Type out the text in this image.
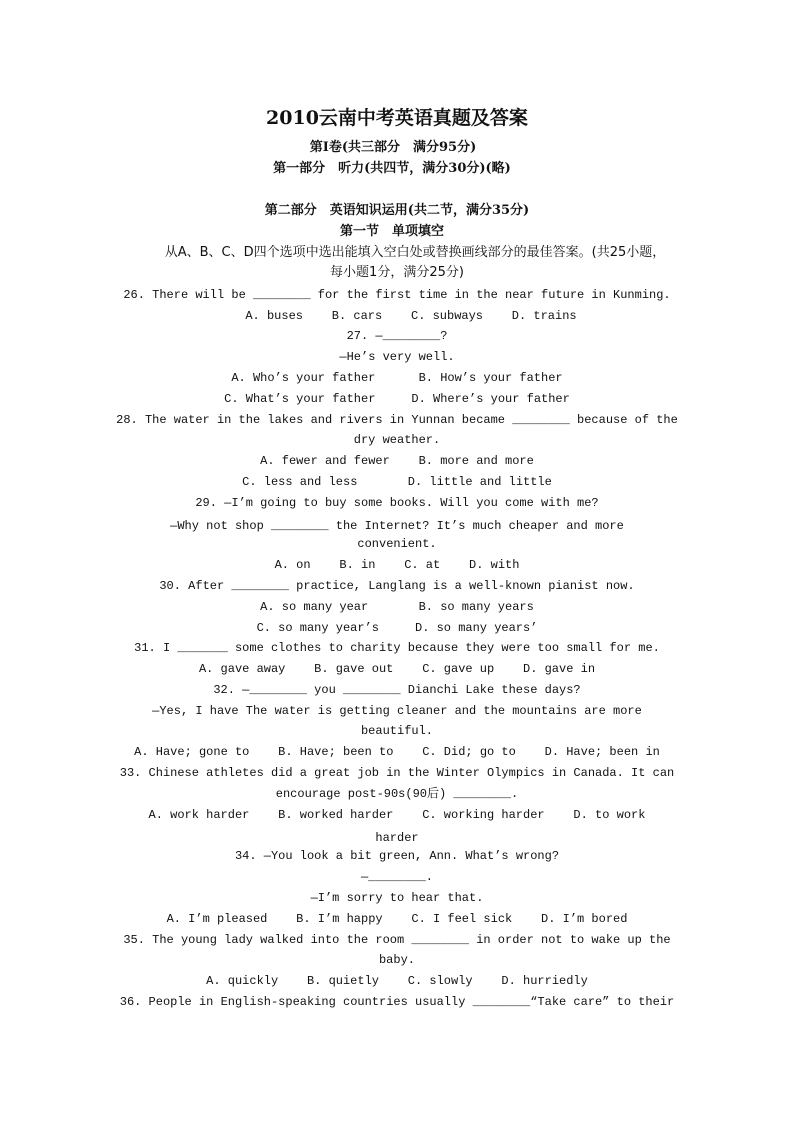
2010云南中考英语真题及答案
第Ⅰ卷(共三部分　满分95分)
第一部分　听力(共四节，满分30分)(略)
第二部分　英语知识运用(共二节，满分35分)
第一节　单项填空
从A、B、C、D四个选项中选出能填入空白处或替换画线部分的最佳答案。(共25小题，
每小题1分，满分25分)
26. There will be ________ for the first time in the near future in Kunming.
A. buses    B. cars    C. subways    D. trains
27. —________?
—He’s very well.
A. Who’s your father      B. How’s your father
C. What’s your father     D. Where’s your father
28. The water in the lakes and rivers in Yunnan became ________ because of the
dry weather.
A. fewer and fewer    B. more and more
C. less and less       D. little and little
29. —I’m going to buy some books. Will you come with me?
—Why not shop ________ the Internet? It’s much cheaper and more
convenient.
A. on    B. in    C. at    D. with
30. After ________ practice, Langlang is a well-known pianist now.
A. so many year       B. so many years
C. so many year’s     D. so many years’
31. I _______ some clothes to charity because they were too small for me.
A. gave away    B. gave out    C. gave up    D. gave in
32. —________ you ________ Dianchi Lake these days?
—Yes, I have The water is getting cleaner and the mountains are more
beautiful.
A. Have; gone to    B. Have; been to    C. Did; go to    D. Have; been in
33. Chinese athletes did a great job in the Winter Olympics in Canada. It can
encourage post-90s(90后) ________.
A. work harder    B. worked harder    C. working harder    D. to work
harder
34. —You look a bit green, Ann. What’s wrong?
—________.
—I’m sorry to hear that.
A. I’m pleased    B. I’m happy    C. I feel sick    D. I’m bored
35. The young lady walked into the room ________ in order not to wake up the
baby.
A. quickly    B. quietly    C. slowly    D. hurriedly
36. People in English-speaking countries usually ________“Take care” to their
